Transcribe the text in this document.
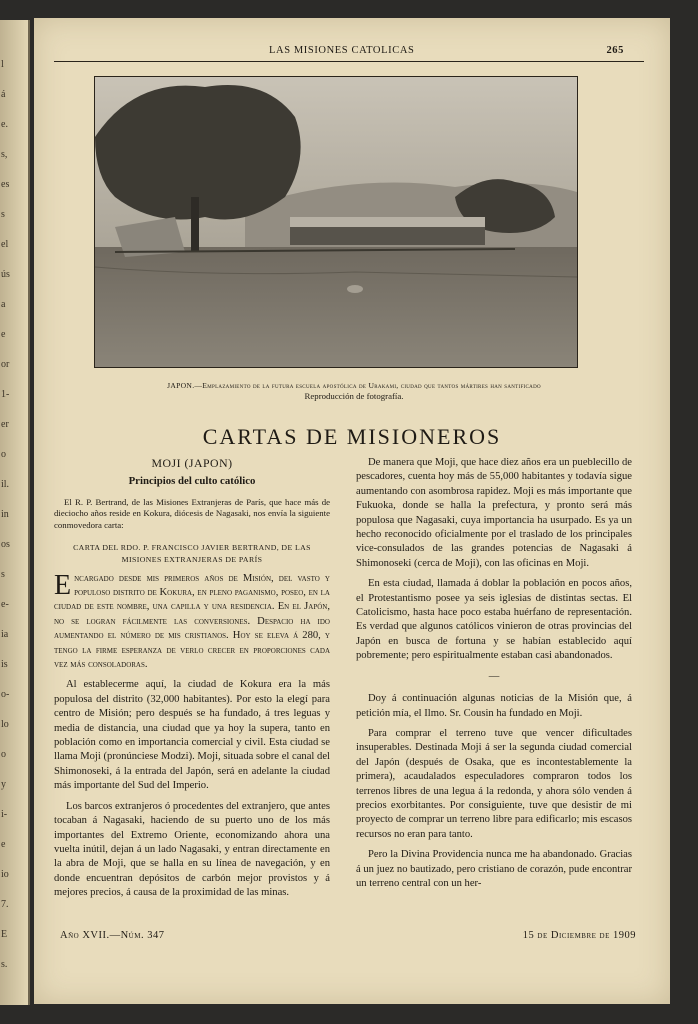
l
á
e.
s,
es
s
el
ús
a
e
or
1-
er
o
il.
in
os
s
e-
ia
is
o-
lo
o
y
i-
e
io
7.
E
s.
LAS MISIONES CATOLICAS	265
JAPON.—Emplazamiento de la futura escuela apostólica de Urakami, ciudad que tantos mártires han santificado
Reproducción de fotografía.
CARTAS DE MISIONEROS
MOJI (JAPON)
Principios del culto católico

El R. P. Bertrand, de las Misiones Extranjeras de París, que hace más de dieciocho años reside en Kokura, diócesis de Nagasaki, nos envía la siguiente conmovedora carta:

CARTA DEL RDO. P. FRANCISCO JAVIER BERTRAND, DE LAS MISIONES EXTRANJERAS DE PARÍS

Encargado desde mis primeros años de Misión, del vasto y populoso distrito de Kokura, en pleno paganismo, poseo, en la ciudad de este nombre, una capilla y una residencia. En el Japón, no se logran fácilmente las conversiones. Despacio ha ido aumentando el número de mis cristianos. Hoy se eleva á 280, y tengo la firme esperanza de verlo crecer en proporciones cada vez más consoladoras.

Al establecerme aquí, la ciudad de Kokura era la más populosa del distrito (32,000 habitantes). Por esto la elegí para centro de Misión; pero después se ha fundado, á tres leguas y media de distancia, una ciudad que ya hoy la supera, tanto en población como en importancia comercial y civil. Esta ciudad se llama Moji (pronúnciese Modzi). Moji, situada sobre el canal del Shimonoseki, á la entrada del Japón, será en adelante la ciudad más importante del Sud del Imperio.

Los barcos extranjeros ó procedentes del extranjero, que antes tocaban á Nagasaki, haciendo de su puerto uno de los más importantes del Extremo Oriente, economizando ahora una vuelta inútil, dejan á un lado Nagasaki, y entran directamente en la abra de Moji, que se halla en su línea de navegación, y en donde encuentran depósitos de carbón mejor provistos y á mejores precios, á causa de la proximidad de las minas.

De manera que Moji, que hace diez años era un pueblecillo de pescadores, cuenta hoy más de 55,000 habitantes y todavía sigue aumentando con asombrosa rapidez. Moji es más importante que Fukuoka, donde se halla la prefectura, y pronto será más populosa que Nagasaki, cuya importancia ha usurpado. Es ya un hecho reconocido oficialmente por el traslado de los principales vice-consulados de las grandes potencias de Nagasaki á Shimonoseki (cerca de Moji), con las oficinas en Moji.

En esta ciudad, llamada á doblar la población en pocos años, el Protestantismo posee ya seis iglesias de distintas sectas. El Catolicismo, hasta hace poco estaba huérfano de representación. Es verdad que algunos católicos vinieron de otras provincias del Japón en busca de fortuna y se habían establecido aquí pobremente; pero espiritualmente estaban casi abandonados.

—

Doy á continuación algunas noticias de la Misión que, á petición mía, el Ilmo. Sr. Cousin ha fundado en Moji.

Para comprar el terreno tuve que vencer dificultades insuperables. Destinada Moji á ser la segunda ciudad comercial del Japón (después de Osaka, que es incontestablemente la primera), acaudalados especuladores compraron todos los terrenos libres de una legua á la redonda, y ahora sólo venden á precios exorbitantes. Por consiguiente, tuve que desistir de mi proyecto de comprar un terreno libre para edificarlo; mis escasos recursos no eran para tanto.

Pero la Divina Providencia nunca me ha abandonado. Gracias á un juez no bautizado, pero cristiano de corazón, pude encontrar un terreno central con un her-

Año XVII.—Núm. 347	15 de Diciembre de 1909
